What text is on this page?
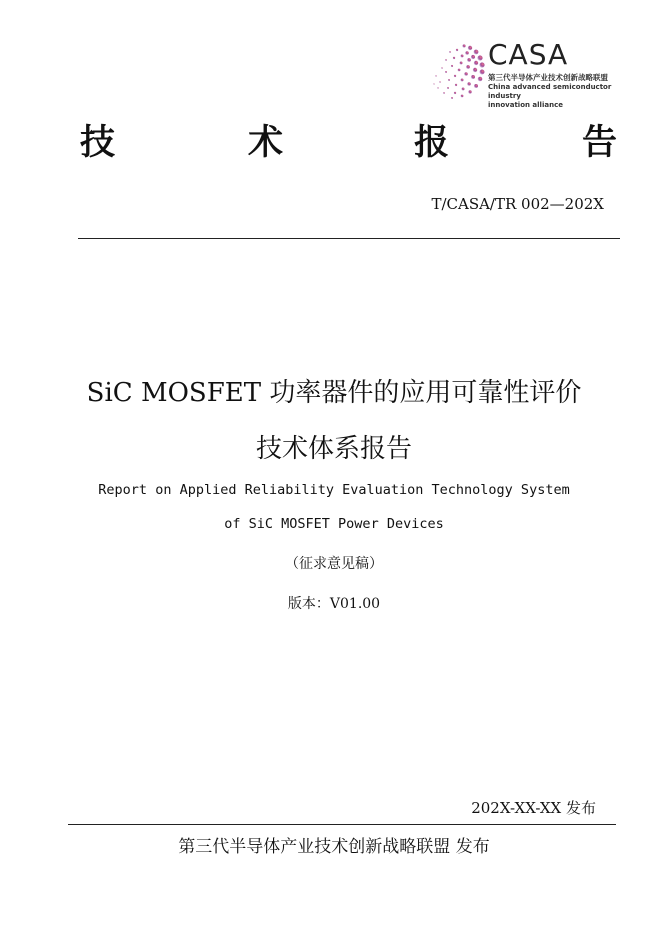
CASA
第三代半导体产业技术创新战略联盟
China advanced semiconductor industry
innovation alliance
技	术	报	告
T/CASA/TR 002—202X
SiC MOSFET 功率器件的应用可靠性评价
技术体系报告
Report on Applied Reliability Evaluation Technology System
of SiC MOSFET Power Devices
（征求意见稿）
版本：V01.00
202X-XX-XX 发布
第三代半导体产业技术创新战略联盟 发布
